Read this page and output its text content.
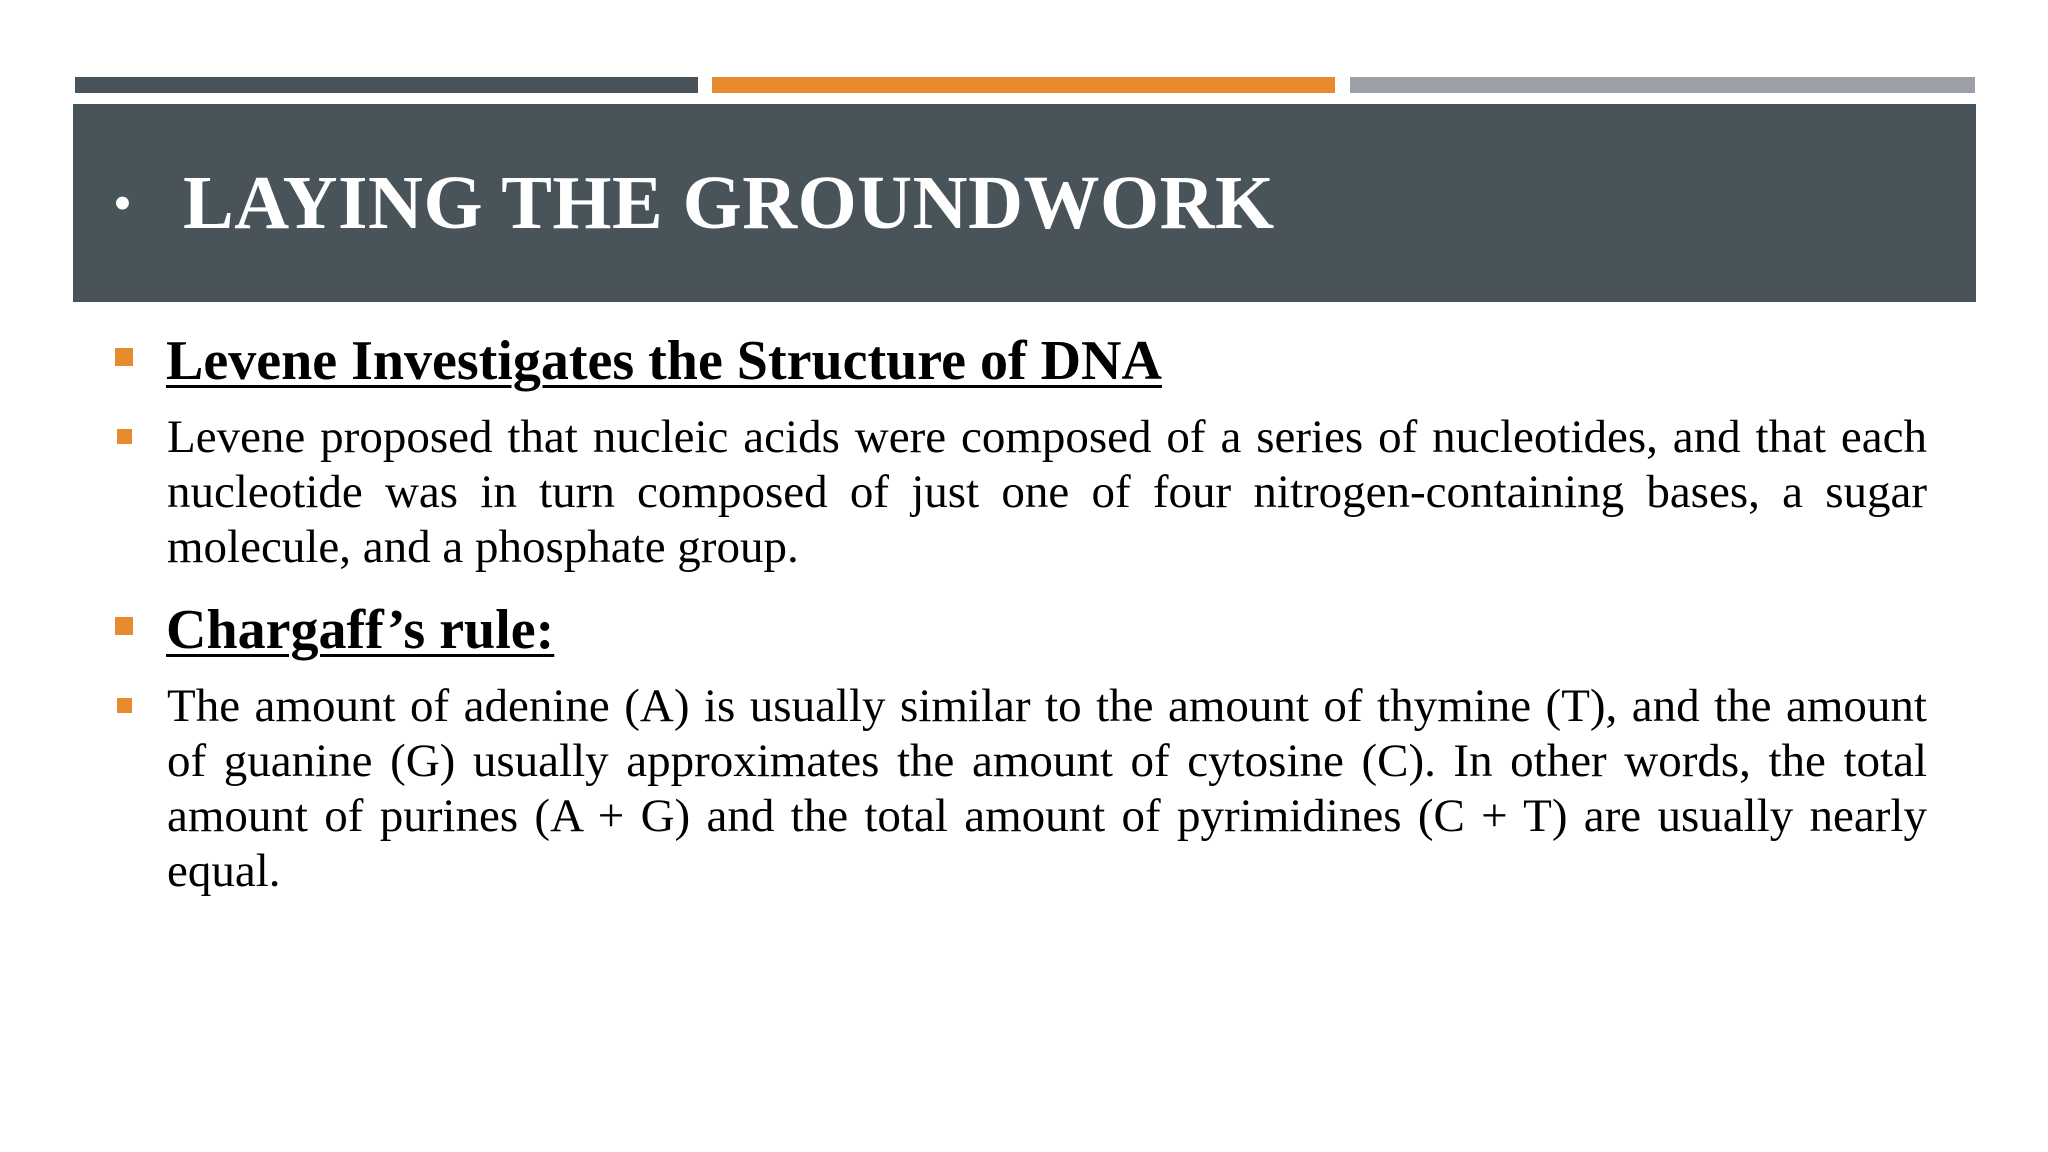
• LAYING THE GROUNDWORK
Levene Investigates the Structure of DNA
Levene proposed that nucleic acids were composed of a series of nucleotides, and that each nucleotide was in turn composed of just one of four nitrogen-containing bases, a sugar molecule, and a phosphate group.
Chargaff’s rule:
The amount of adenine (A) is usually similar to the amount of thymine (T), and the amount of guanine (G) usually approximates the amount of cytosine (C). In other words, the total amount of purines (A + G) and the total amount of pyrimidines (C + T) are usually nearly equal.
